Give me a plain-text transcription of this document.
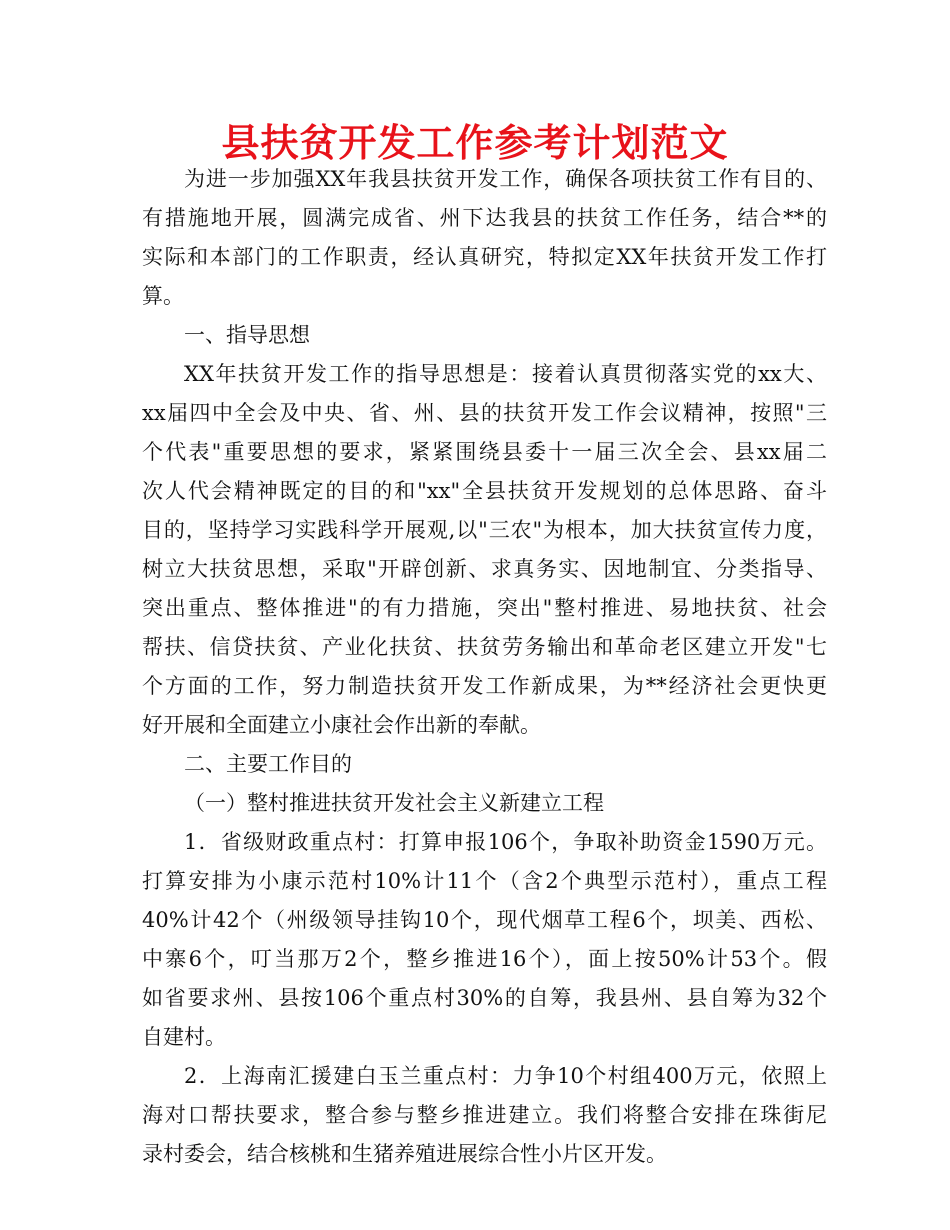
县扶贫开发工作参考计划范文
为进一步加强XX年我县扶贫开发工作，确保各项扶贫工作有目的、
有措施地开展，圆满完成省、州下达我县的扶贫工作任务，结合**的
实际和本部门的工作职责，经认真研究，特拟定XX年扶贫开发工作打
算。
一、指导思想
XX年扶贫开发工作的指导思想是：接着认真贯彻落实党的xx大、
xx届四中全会及中央、省、州、县的扶贫开发工作会议精神，按照"三
个代表"重要思想的要求，紧紧围绕县委十一届三次全会、县xx届二
次人代会精神既定的目的和"xx"全县扶贫开发规划的总体思路、奋斗
目的，坚持学习实践科学开展观,以"三农"为根本，加大扶贫宣传力度，
树立大扶贫思想，采取"开辟创新、求真务实、因地制宜、分类指导、
突出重点、整体推进"的有力措施，突出"整村推进、易地扶贫、社会
帮扶、信贷扶贫、产业化扶贫、扶贫劳务输出和革命老区建立开发"七
个方面的工作，努力制造扶贫开发工作新成果，为**经济社会更快更
好开展和全面建立小康社会作出新的奉献。
二、主要工作目的
（一）整村推进扶贫开发社会主义新建立工程
1．省级财政重点村：打算申报106个，争取补助资金1590万元。
打算安排为小康示范村10%计11个（含2个典型示范村），重点工程
40%计42个（州级领导挂钩10个，现代烟草工程6个，坝美、西松、
中寨6个，叮当那万2个，整乡推进16个），面上按50%计53个。假
如省要求州、县按106个重点村30%的自筹，我县州、县自筹为32个
自建村。
2．上海南汇援建白玉兰重点村：力争10个村组400万元，依照上
海对口帮扶要求，整合参与整乡推进建立。我们将整合安排在珠街尼
录村委会，结合核桃和生猪养殖进展综合性小片区开发。
